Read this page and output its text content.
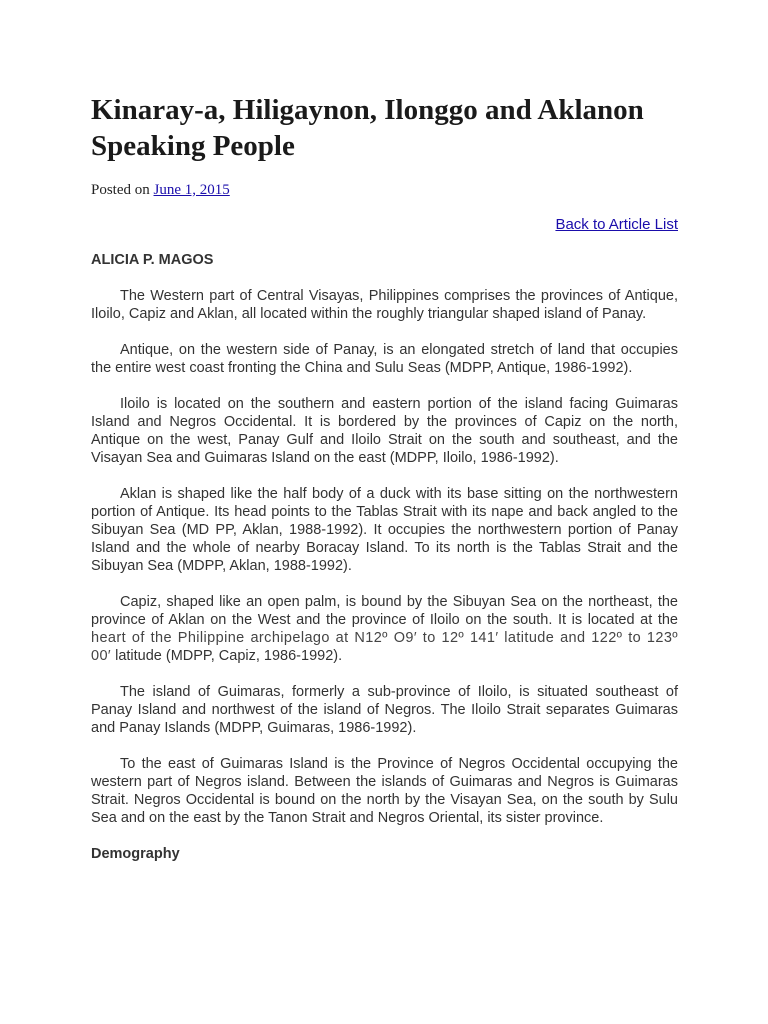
Kinaray-a, Hiligaynon, Ilonggo and Aklanon Speaking People
Posted on June 1, 2015
Back to Article List
ALICIA P. MAGOS

The Western part of Central Visayas, Philippines comprises the provinces of Antique, Iloilo, Capiz and Aklan, all located within the roughly triangular shaped island of Panay.

Antique, on the western side of Panay, is an elongated stretch of land that occupies the entire west coast fronting the China and Sulu Seas (MDPP, Antique, 1986-1992).

Iloilo is located on the southern and eastern portion of the island facing Guimaras Island and Negros Occidental. It is bordered by the provinces of Capiz on the north, Antique on the west, Panay Gulf and Iloilo Strait on the south and southeast, and the Visayan Sea and Guimaras Island on the east (MDPP, Iloilo, 1986-1992).

Aklan is shaped like the half body of a duck with its base sitting on the northwestern portion of Antique. Its head points to the Tablas Strait with its nape and back angled to the Sibuyan Sea (MD PP, Aklan, 1988-1992). It occupies the northwestern portion of Panay Island and the whole of nearby Boracay Island. To its north is the Tablas Strait and the Sibuyan Sea (MDPP, Aklan, 1988-1992).

Capiz, shaped like an open palm, is bound by the Sibuyan Sea on the northeast, the province of Aklan on the West and the province of Iloilo on the south. It is located at the heart of the Philippine archipelago at N12º O9′ to 12º 141′ latitude and 122º to 123º 00′ latitude (MDPP, Capiz, 1986-1992).

The island of Guimaras, formerly a sub-province of Iloilo, is situated southeast of Panay Island and northwest of the island of Negros. The Iloilo Strait separates Guimaras and Panay Islands (MDPP, Guimaras, 1986-1992).

To the east of Guimaras Island is the Province of Negros Occidental occupying the western part of Negros island. Between the islands of Guimaras and Negros is Guimaras Strait. Negros Occidental is bound on the north by the Visayan Sea, on the south by Sulu Sea and on the east by the Tanon Strait and Negros Oriental, its sister province.

Demography
